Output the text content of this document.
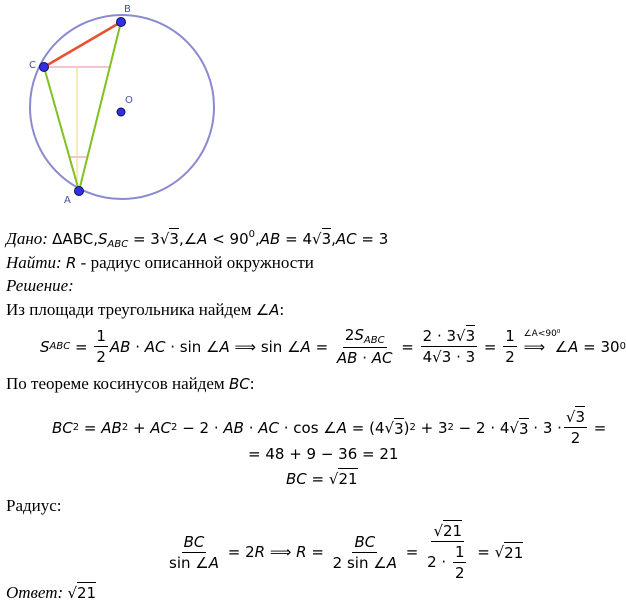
B
C
O
A
Дано: $\Delta ABC,S_{ABC}$ = 3√3,∠A < $90^0,AB = 4√3,AC = 3$
Найти: R - радиус описанной окружности
Решение:
Из площади треугольника найдем ∠A:
S ABC = $\frac{1}{2}$ AB · AC · sin ∠ A ⟹ sin ∠ $A = \frac{2S_{ABC}}{AB \cdot AC} = \frac{2 \cdot 3√3}{4√3 \cdot 3} = \frac{1}{2}$
∠A<90⁰
⟹ ∠ A = 30 0
По теореме косинусов найдем BC:
BC 2 = AB 2 + AC 2 − 2 · AB · AC · cos ∠ A = (4√ 3 ) 2 + 3 2 − 2 · 4√ $3 \cdot 3 \cdot \frac{√3}{2}$ =
= 48 + 9 − 36 = 21
BC = √21
Радиус:
$\frac{BC}{\sin \angle A} = 2$ R ⟹ $R = \frac{BC}{2 \sin \angle A} = \frac{√21}{2 \cdot \frac{1}{2}}$ = √ 21
Ответ: √21
